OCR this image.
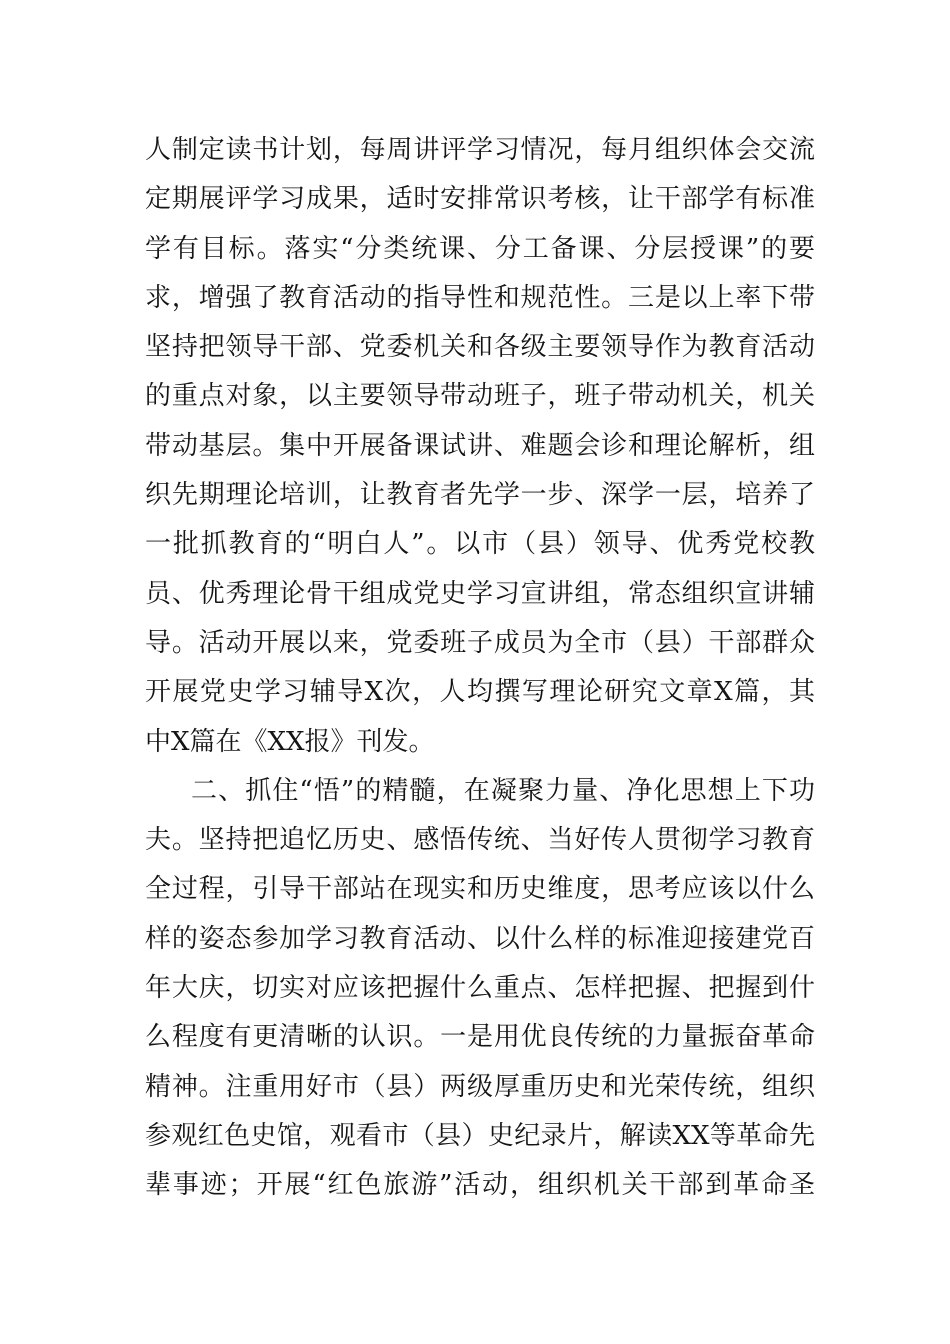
人制定读书计划，每周讲评学习情况，每月组织体会交流
定期展评学习成果，适时安排常识考核，让干部学有标准
学有目标。落实“分类统课、分工备课、分层授课”的要
求，增强了教育活动的指导性和规范性。三是以上率下带
坚持把领导干部、党委机关和各级主要领导作为教育活动
的重点对象，以主要领导带动班子，班子带动机关，机关
带动基层。集中开展备课试讲、难题会诊和理论解析，组
织先期理论培训，让教育者先学一步、深学一层，培养了
一批抓教育的“明白人”。以市（县）领导、优秀党校教
员、优秀理论骨干组成党史学习宣讲组，常态组织宣讲辅
导。活动开展以来，党委班子成员为全市（县）干部群众
开展党史学习辅导X次，人均撰写理论研究文章X篇，其
中X篇在《XX报》刊发。
二、抓住“悟”的精髓，在凝聚力量、净化思想上下功
夫。坚持把追忆历史、感悟传统、当好传人贯彻学习教育
全过程，引导干部站在现实和历史维度，思考应该以什么
样的姿态参加学习教育活动、以什么样的标准迎接建党百
年大庆，切实对应该把握什么重点、怎样把握、把握到什
么程度有更清晰的认识。一是用优良传统的力量振奋革命
精神。注重用好市（县）两级厚重历史和光荣传统，组织
参观红色史馆，观看市（县）史纪录片，解读XX等革命先
辈事迹；开展“红色旅游”活动，组织机关干部到革命圣
